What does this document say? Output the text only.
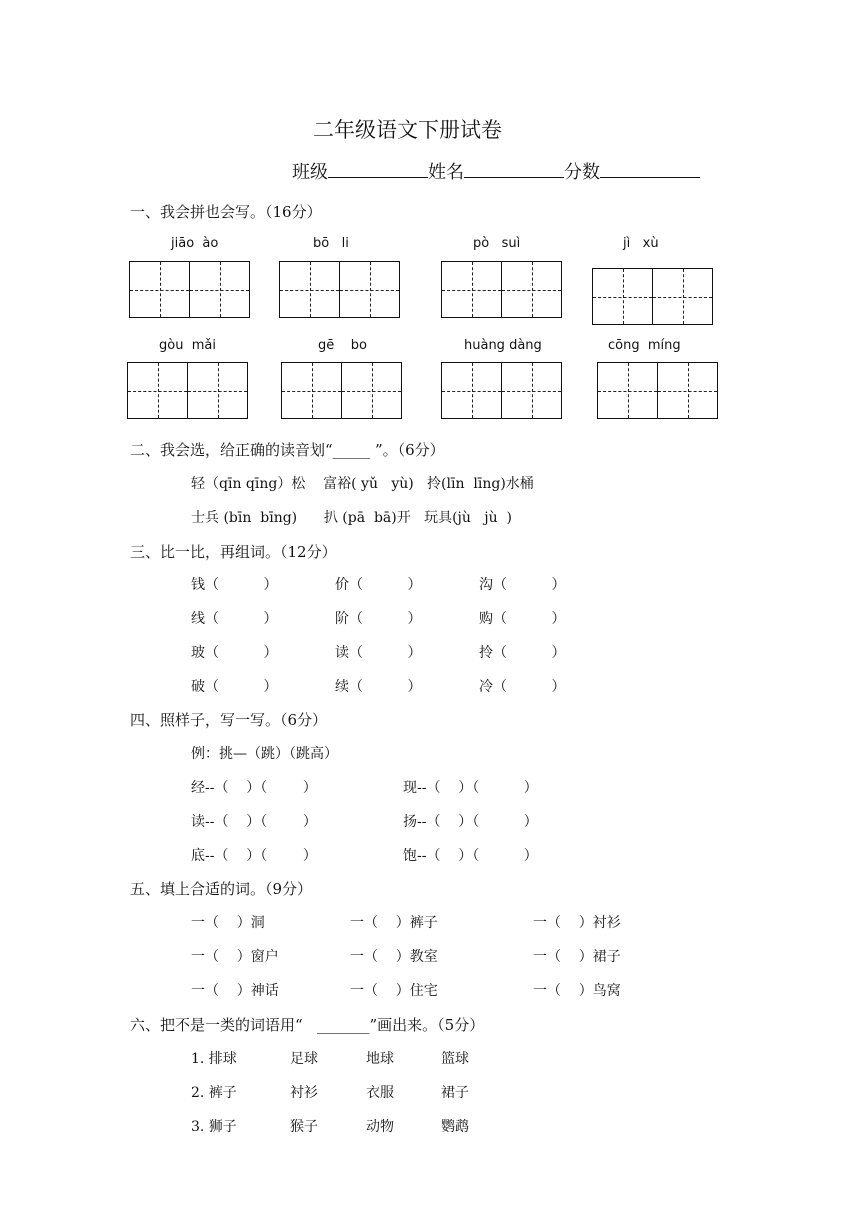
二年级语文下册试卷
班级	姓名	分数
一、我会拼也会写。（16分）
jiāo  ào	bō   li	pò   suì	jì   xù
gòu  mǎi	gē    bo	huàng dàng	cōng  míng
二、我会选，给正确的读音划“_____ ”。（6分）
轻（qīn qīng）松    富裕( yǔ   yù)   拎(līn  līng)水桶
士兵 (bīn  bīng)      扒 (pā  bā)开   玩具(jù   jù  )
三、比一比，再组词。（12分）
钱（          ）	价（          ）	沟（          ）
线（          ）	阶（          ）	购（          ）
玻（          ）	读（          ）	拎（          ）
破（          ）	续（          ）	冷（          ）
四、照样子，写一写。（6分）
例：挑—（跳）（跳高）
经--（    ）（        ）	现--（    ）（          ）
读--（    ）（        ）	扬--（    ）（          ）
底--（    ）（        ）	饱--（    ）（          ）
五、填上合适的词。（9分）
一（    ）洞	一（    ）裤子	一（    ）衬衫
一（    ）窗户	一（    ）教室	一（    ）裙子
一（    ）神话	一（    ）住宅	一（    ）鸟窝
六、把不是一类的词语用“   _______”画出来。（5分）
1. 排球	足球	地球	篮球
2. 裤子	衬衫	衣服	裙子
3. 狮子	猴子	动物	鹦鹉
